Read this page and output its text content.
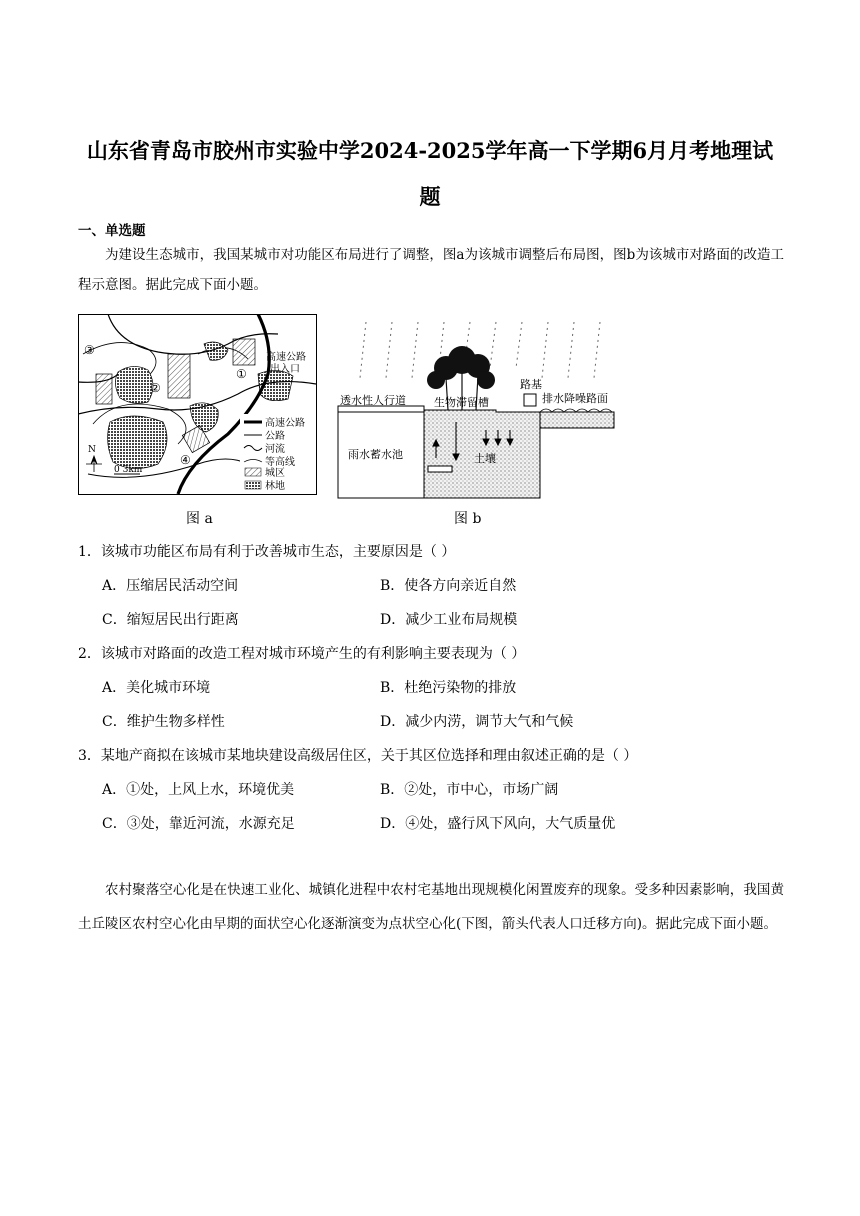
山东省青岛市胶州市实验中学2024-2025学年高一下学期6月月考地理试
题
一、单选题
为建设生态城市，我国某城市对功能区布局进行了调整，图a为该城市调整后布局图，图b为该城市对路面的改造工程示意图。据此完成下面小题。
①
②
③
④
高速公路
出入口
N
0 3km
高速公路
公路
河流
等高线
城区
林地
图 a
透水性人行道	生物滞留槽
路基
排水降噪路面
雨水蓄水池	土壤
图 b
1．该城市功能区布局有利于改善城市生态，主要原因是（ ）
A．压缩居民活动空间	B．使各方向亲近自然
C．缩短居民出行距离	D．减少工业布局规模
2．该城市对路面的改造工程对城市环境产生的有利影响主要表现为（ ）
A．美化城市环境	B．杜绝污染物的排放
C．维护生物多样性	D．减少内涝，调节大气和气候
3．某地产商拟在该城市某地块建设高级居住区，关于其区位选择和理由叙述正确的是（ ）
A．①处，上风上水，环境优美	B．②处，市中心，市场广阔
C．③处，靠近河流，水源充足	D．④处，盛行风下风向，大气质量优
农村聚落空心化是在快速工业化、城镇化进程中农村宅基地出现规模化闲置废弃的现象。受多种因素影响，我国黄土丘陵区农村空心化由早期的面状空心化逐渐演变为点状空心化(下图，箭头代表人口迁移方向)。据此完成下面小题。
